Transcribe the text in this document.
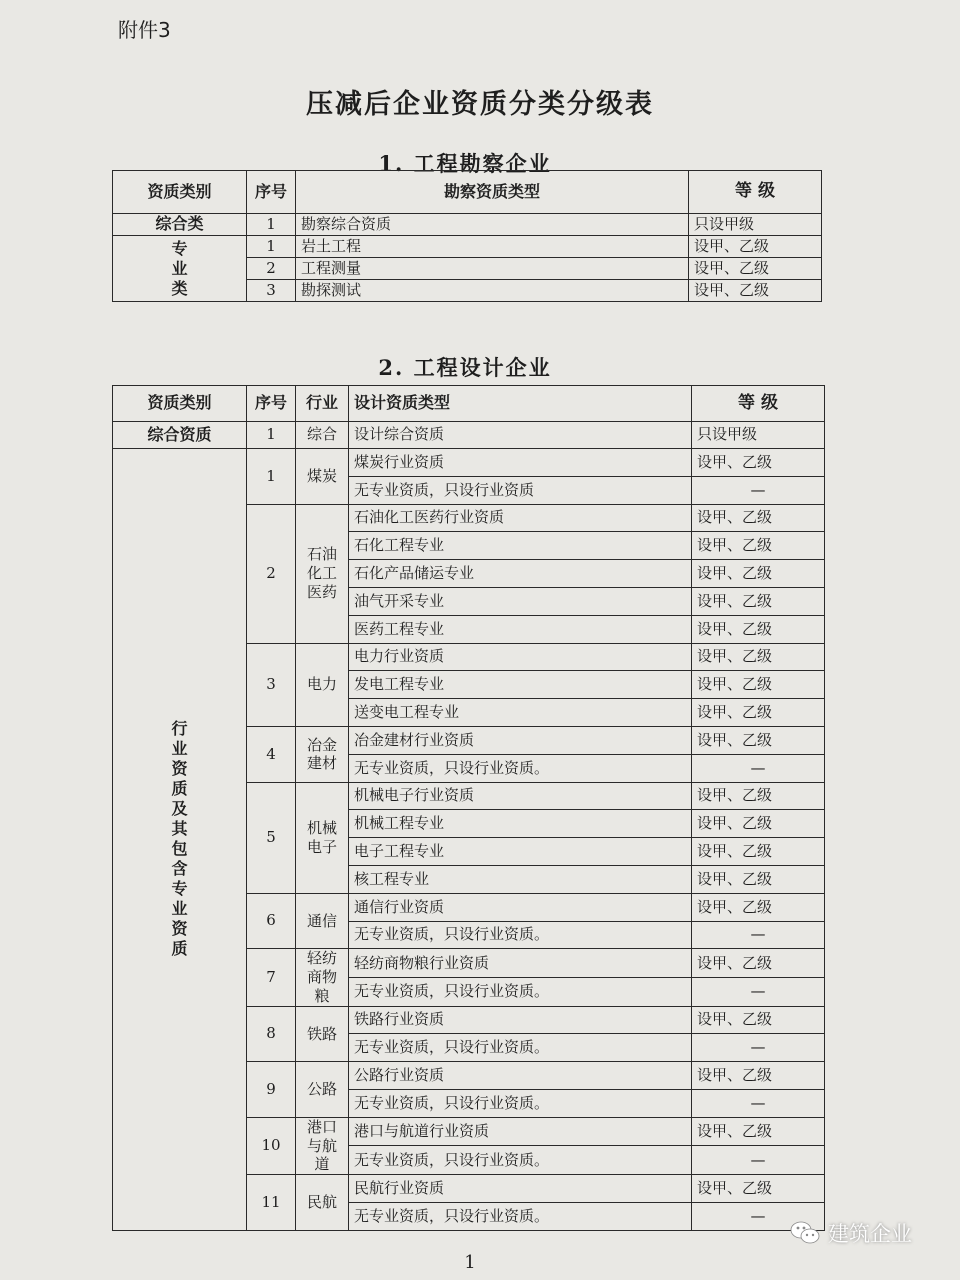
附件3
压减后企业资质分类分级表
1. 工程勘察企业
资质类别	序号	勘察资质类型	等 级
综合类	1	勘察综合资质	只设甲级
专业类	1	岩土工程	设甲、乙级
	2	工程测量	设甲、乙级
	3	勘探测试	设甲、乙级
2. 工程设计企业
资质类别	序号	行业	设计资质类型	等 级
综合资质	1	综合	设计综合资质	只设甲级
行业资质及其包含专业资质	1	煤炭	煤炭行业资质	设甲、乙级
			无专业资质，只设行业资质	—
	2	石油化工医药	石油化工医药行业资质	设甲、乙级
			石化工程专业	设甲、乙级
			石化产品储运专业	设甲、乙级
			油气开采专业	设甲、乙级
			医药工程专业	设甲、乙级
	3	电力	电力行业资质	设甲、乙级
			发电工程专业	设甲、乙级
			送变电工程专业	设甲、乙级
	4	冶金建材	冶金建材行业资质	设甲、乙级
			无专业资质，只设行业资质。	—
	5	机械电子	机械电子行业资质	设甲、乙级
			机械工程专业	设甲、乙级
			电子工程专业	设甲、乙级
			核工程专业	设甲、乙级
	6	通信	通信行业资质	设甲、乙级
			无专业资质，只设行业资质。	—
	7	轻纺商物粮	轻纺商物粮行业资质	设甲、乙级
			无专业资质，只设行业资质。	—
	8	铁路	铁路行业资质	设甲、乙级
			无专业资质，只设行业资质。	—
	9	公路	公路行业资质	设甲、乙级
			无专业资质，只设行业资质。	—
	10	港口与航道	港口与航道行业资质	设甲、乙级
			无专业资质，只设行业资质。	—
	11	民航	民航行业资质	设甲、乙级
			无专业资质，只设行业资质。	—
1
建筑企业
